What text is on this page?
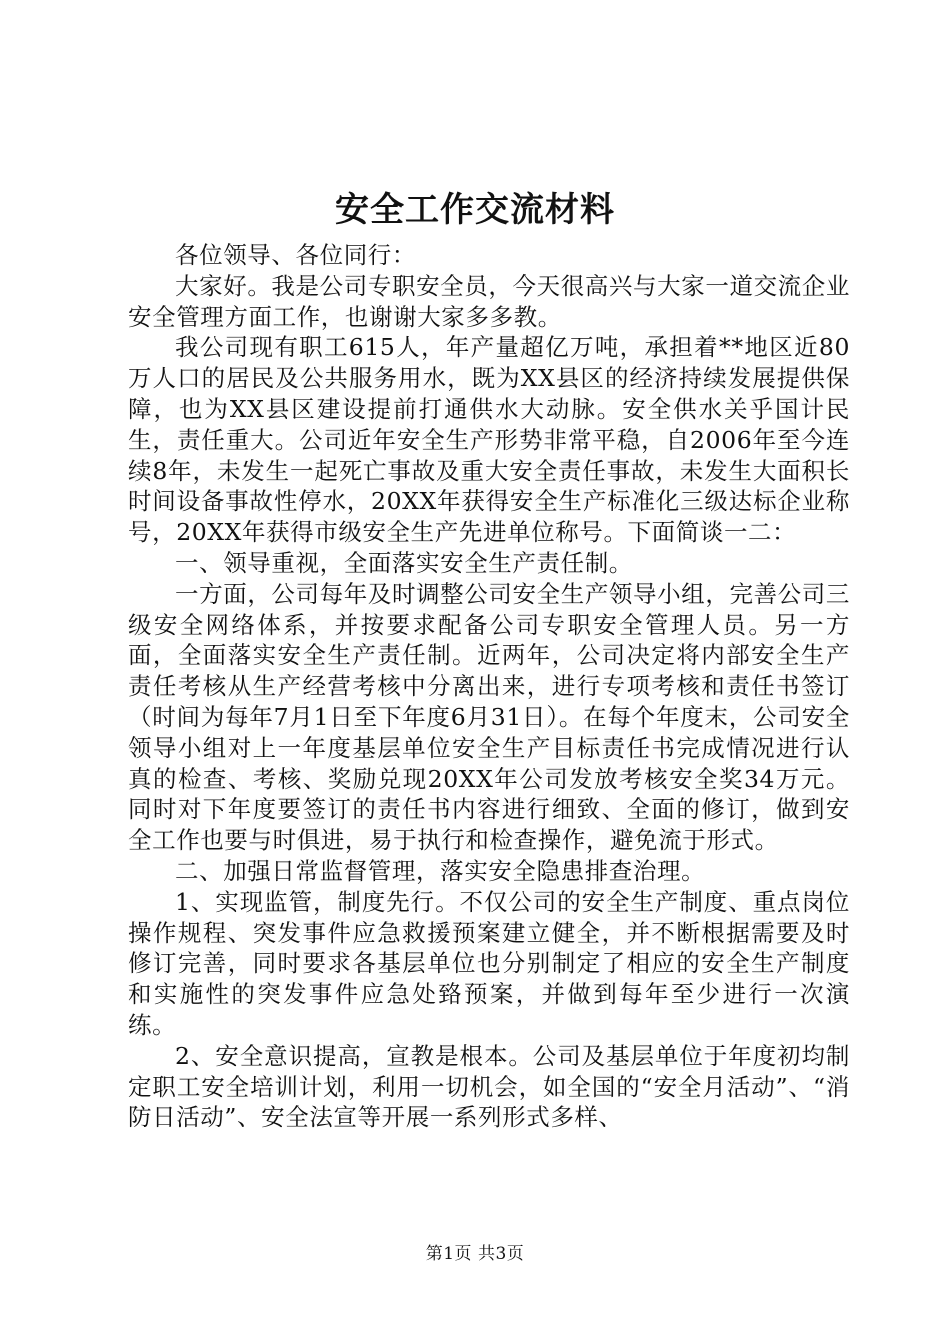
安全工作交流材料

各位领导、各位同行：

大家好。我是公司专职安全员，今天很高兴与大家一道交流企业安全管理方面工作，也谢谢大家多多教。

我公司现有职工615人，年产量超亿万吨，承担着**地区近80万人口的居民及公共服务用水，既为XX县区的经济持续发展提供保障，也为XX县区建设提前打通供水大动脉。安全供水关乎国计民生，责任重大。公司近年安全生产形势非常平稳，自2006年至今连续8年，未发生一起死亡事故及重大安全责任事故，未发生大面积长时间设备事故性停水，20XX年获得安全生产标准化三级达标企业称号，20XX年获得市级安全生产先进单位称号。下面简谈一二：

一、领导重视，全面落实安全生产责任制。

一方面，公司每年及时调整公司安全生产领导小组，完善公司三级安全网络体系，并按要求配备公司专职安全管理人员。另一方面，全面落实安全生产责任制。近两年，公司决定将内部安全生产责任考核从生产经营考核中分离出来，进行专项考核和责任书签订（时间为每年7月1日至下年度6月31日）。在每个年度末，公司安全领导小组对上一年度基层单位安全生产目标责任书完成情况进行认真的检查、考核、奖励兑现20XX年公司发放考核安全奖34万元。同时对下年度要签订的责任书内容进行细致、全面的修订，做到安全工作也要与时俱进，易于执行和检查操作，避免流于形式。

二、加强日常监督管理，落实安全隐患排查治理。

1、实现监管，制度先行。不仅公司的安全生产制度、重点岗位操作规程、突发事件应急救援预案建立健全，并不断根据需要及时修订完善，同时要求各基层单位也分别制定了相应的安全生产制度和实施性的突发事件应急处臵预案，并做到每年至少进行一次演练。

2、安全意识提高，宣教是根本。公司及基层单位于年度初均制定职工安全培训计划，利用一切机会，如全国的“安全月活动”、“消防日活动”、安全法宣等开展一系列形式多样、

第1页 共3页
